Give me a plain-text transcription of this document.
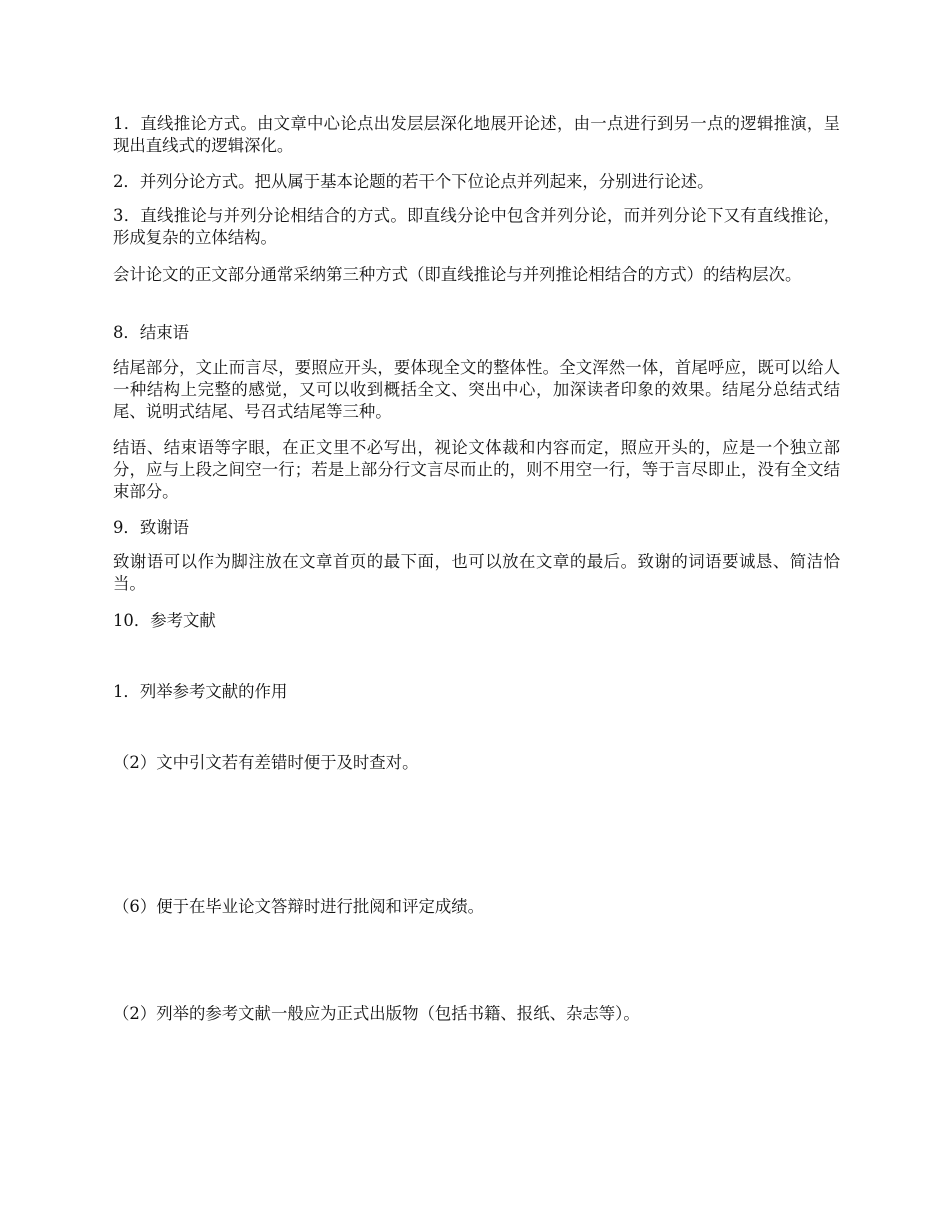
1．直线推论方式。由文章中心论点出发层层深化地展开论述，由一点进行到另一点的逻辑推演，呈现出直线式的逻辑深化。

2．并列分论方式。把从属于基本论题的若干个下位论点并列起来，分别进行论述。

3．直线推论与并列分论相结合的方式。即直线分论中包含并列分论，而并列分论下又有直线推论，形成复杂的立体结构。

会计论文的正文部分通常采纳第三种方式（即直线推论与并列推论相结合的方式）的结构层次。

8．结束语

结尾部分，文止而言尽，要照应开头，要体现全文的整体性。全文浑然一体，首尾呼应，既可以给人一种结构上完整的感觉，又可以收到概括全文、突出中心，加深读者印象的效果。结尾分总结式结尾、说明式结尾、号召式结尾等三种。

结语、结束语等字眼，在正文里不必写出，视论文体裁和内容而定，照应开头的，应是一个独立部分，应与上段之间空一行；若是上部分行文言尽而止的，则不用空一行，等于言尽即止，没有全文结束部分。

9．致谢语

致谢语可以作为脚注放在文章首页的最下面，也可以放在文章的最后。致谢的词语要诚恳、简洁恰当。

10．参考文献

1．列举参考文献的作用

（2）文中引文若有差错时便于及时查对。

（6）便于在毕业论文答辩时进行批阅和评定成绩。

（2）列举的参考文献一般应为正式出版物（包括书籍、报纸、杂志等）。
